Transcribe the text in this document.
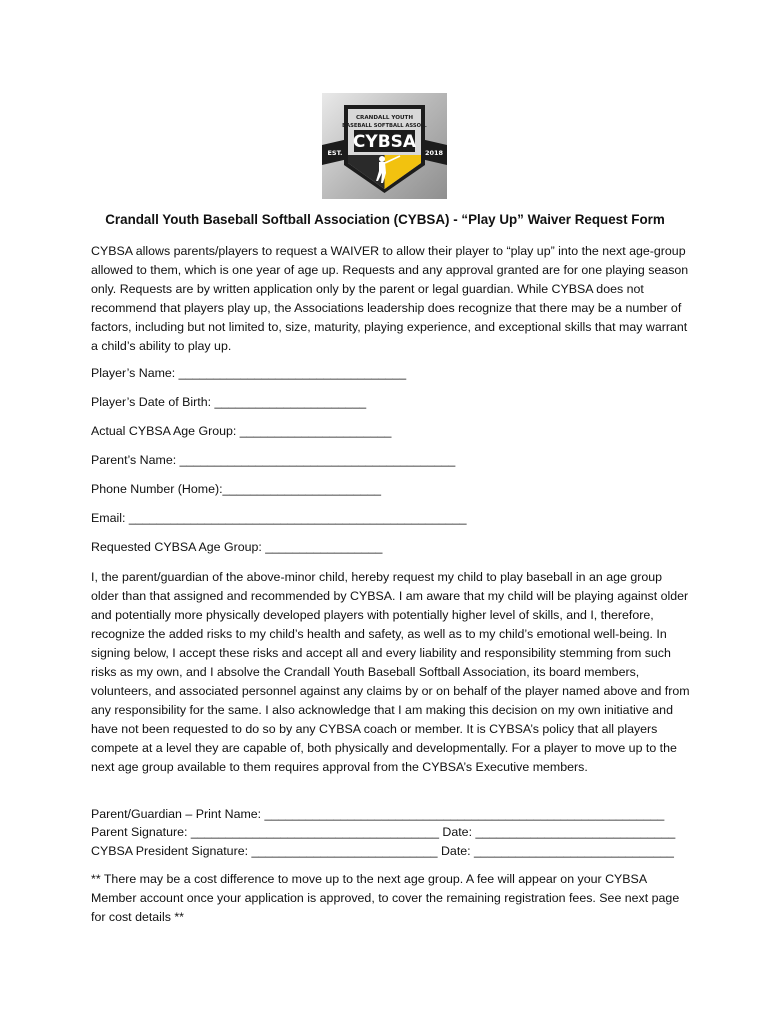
EST.	2018
CRANDALL YOUTH
BASEBALL SOFTBALL ASSOC.
CYBSA
Crandall Youth Baseball Softball Association (CYBSA) - “Play Up” Waiver Request Form
CYBSA allows parents/players to request a WAIVER to allow their player to “play up” into the next age-group allowed to them, which is one year of age up. Requests and any approval granted are for one playing season only. Requests are by written application only by the parent or legal guardian. While CYBSA does not recommend that players play up, the Associations leadership does recognize that there may be a number of factors, including but not limited to, size, maturity, playing experience, and exceptional skills that may warrant a child’s ability to play up.
Player’s Name: _________________________________
Player’s Date of Birth: ______________________
Actual CYBSA Age Group: ______________________
Parent’s Name: ________________________________________
Phone Number (Home):_______________________
Email: _________________________________________________
Requested CYBSA Age Group: _________________
I, the parent/guardian of the above-minor child, hereby request my child to play baseball in an age group older than that assigned and recommended by CYBSA. I am aware that my child will be playing against older and potentially more physically developed players with potentially higher level of skills, and I, therefore, recognize the added risks to my child’s health and safety, as well as to my child’s emotional well-being. In signing below, I accept these risks and accept all and every liability and responsibility stemming from such risks as my own, and I absolve the Crandall Youth Baseball Softball Association, its board members, volunteers, and associated personnel against any claims by or on behalf of the player named above and from any responsibility for the same. I also acknowledge that I am making this decision on my own initiative and have not been requested to do so by any CYBSA coach or member. It is CYBSA’s policy that all players compete at a level they are capable of, both physically and developmentally. For a player to move up to the next age group available to them requires approval from the CYBSA’s Executive members.
Parent/Guardian – Print Name: __________________________________________________________
Parent Signature: ____________________________________ Date: _____________________________
CYBSA President Signature: ___________________________ Date: _____________________________
** There may be a cost difference to move up to the next age group. A fee will appear on your CYBSA Member account once your application is approved, to cover the remaining registration fees. See next page for cost details **
